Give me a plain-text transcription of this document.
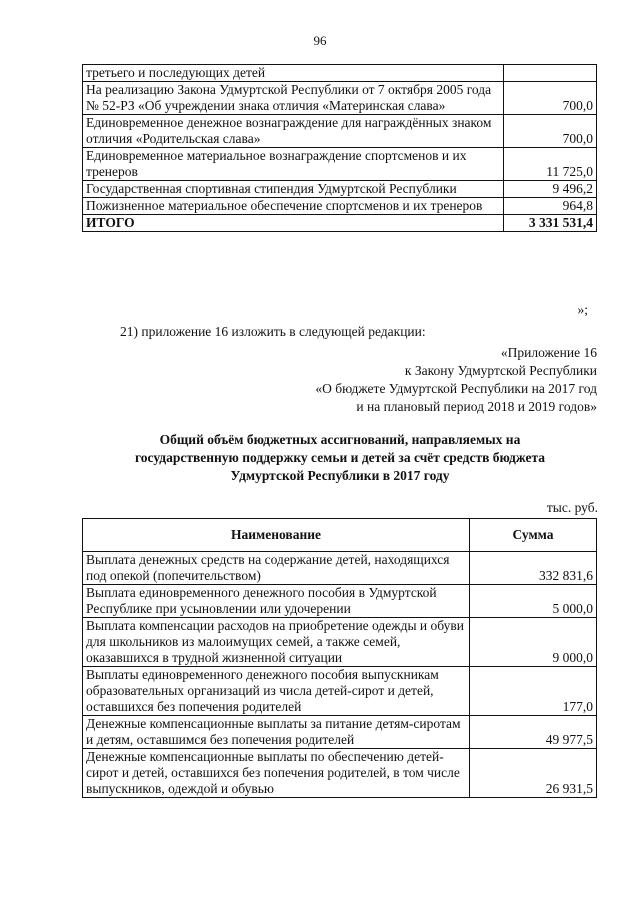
96
третьего и последующих детей	
На реализацию Закона Удмуртской Республики от 7 октября 2005 года № 52-РЗ «Об учреждении знака отличия «Материнская слава»	700,0
Единовременное денежное вознаграждение для награждённых знаком отличия «Родительская слава»	700,0
Единовременное материальное вознаграждение спортсменов и их тренеров	11 725,0
Государственная спортивная стипендия Удмуртской Республики	9 496,2
Пожизненное материальное обеспечение спортсменов и их тренеров	964,8
ИТОГО	3 331 531,4
»;
21) приложение 16 изложить в следующей редакции:
«Приложение 16
к Закону Удмуртской Республики
«О бюджете Удмуртской Республики на 2017 год
и на плановый период 2018 и 2019 годов»
Общий объём бюджетных ассигнований, направляемых на
государственную поддержку семьи и детей за счёт средств бюджета
Удмуртской Республики в 2017 году
тыс. руб.
Наименование	Сумма
Выплата денежных средств на содержание детей, находящихся под опекой (попечительством)	332 831,6
Выплата единовременного денежного пособия в Удмуртской Республике при усыновлении или удочерении	5 000,0
Выплата компенсации расходов на приобретение одежды и обуви для школьников из малоимущих семей, а также семей, оказавшихся в трудной жизненной ситуации	9 000,0
Выплаты единовременного денежного пособия выпускникам образовательных организаций из числа детей-сирот и детей, оставшихся без попечения родителей	177,0
Денежные компенсационные выплаты за питание детям-сиротам и детям, оставшимся без попечения родителей	49 977,5
Денежные компенсационные выплаты по обеспечению детей-сирот и детей, оставшихся без попечения родителей, в том числе выпускников, одеждой и обувью	26 931,5
